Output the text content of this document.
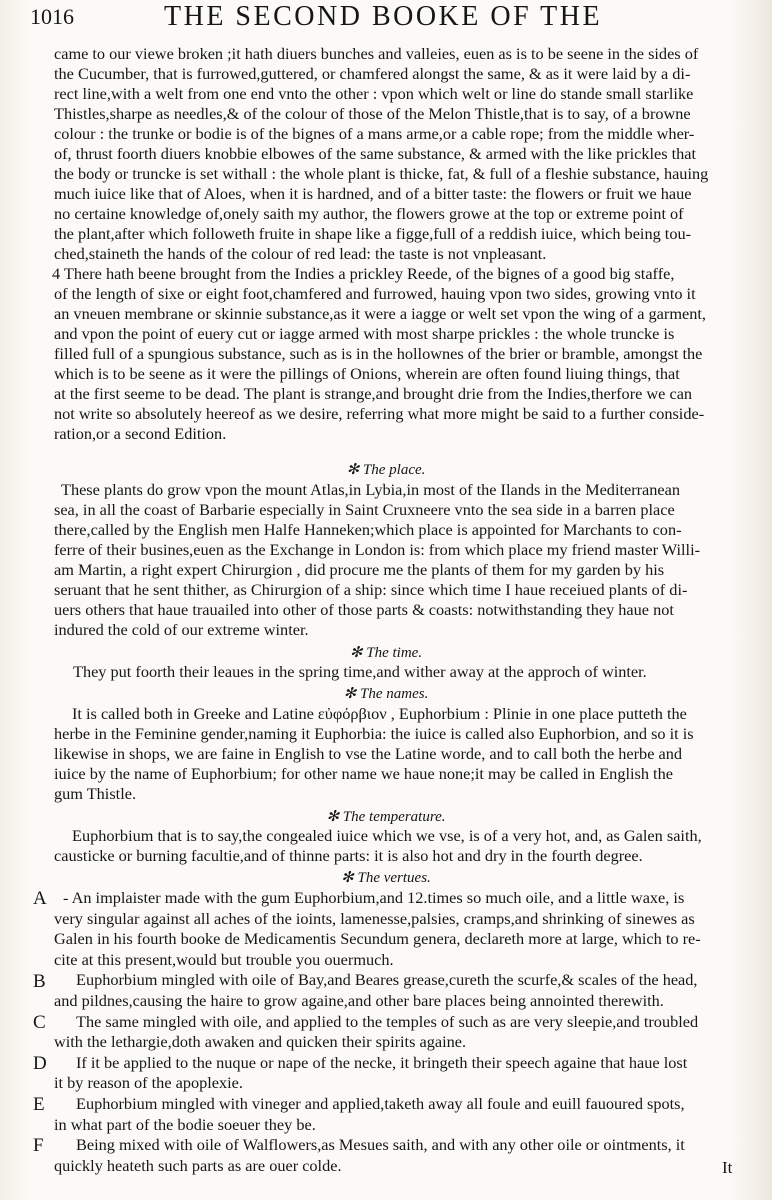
1016	THE SECOND BOOKE OF THE
came to our viewe broken ;it hath diuers bunches and valleies, euen as is to be seene in the sides of
the Cucumber, that is furrowed,guttered, or chamfered alongst the same, & as it were laid by a di-
rect line,with a welt from one end vnto the other : vpon which welt or line do stande small starlike
Thistles,sharpe as needles,& of the colour of those of the Melon Thistle,that is to say, of a browne
colour : the trunke or bodie is of the bignes of a mans arme,or a cable rope; from the middle wher-
of, thrust foorth diuers knobbie elbowes of the same substance, & armed with the like prickles that
the body or truncke is set withall : the whole plant is thicke, fat, & full of a fleshie substance, hauing
much iuice like that of Aloes, when it is hardned, and of a bitter taste: the flowers or fruit we haue
no certaine knowledge of,onely saith my author, the flowers growe at the top or extreme point of
the plant,after which followeth fruite in shape like a figge,full of a reddish iuice, which being tou-
ched,staineth the hands of the colour of red lead: the taste is not vnpleasant.
4 There hath beene brought from the Indies a prickley Reede, of the bignes of a good big staffe,
of the length of sixe or eight foot,chamfered and furrowed, hauing vpon two sides, growing vnto it
an vneuen membrane or skinnie substance,as it were a iagge or welt set vpon the wing of a garment,
and vpon the point of euery cut or iagge armed with most sharpe prickles : the whole truncke is
filled full of a spungious substance, such as is in the hollownes of the brier or bramble, amongst the
which is to be seene as it were the pillings of Onions, wherein are often found liuing things, that
at the first seeme to be dead. The plant is strange,and brought drie from the Indies,therfore we can
not write so absolutely heereof as we desire, referring what more might be said to a further conside-
ration,or a second Edition.
✻ The place.
These plants do grow vpon the mount Atlas,in Lybia,in most of the Ilands in the Mediterranean
sea, in all the coast of Barbarie especially in Saint Cruxneere vnto the sea side in a barren place
there,called by the English men Halfe Hanneken;which place is appointed for Marchants to con-
ferre of their busines,euen as the Exchange in London is: from which place my friend master Willi-
am Martin, a right expert Chirurgion , did procure me the plants of them for my garden by his
seruant that he sent thither, as Chirurgion of a ship: since which time I haue receiued plants of di-
uers others that haue trauailed into other of those parts & coasts: notwithstanding they haue not
indured the cold of our extreme winter.
✻ The time.
They put foorth their leaues in the spring time,and wither away at the approch of winter.
✻ The names.
It is called both in Greeke and Latine εὐφόρβιον , Euphorbium : Plinie in one place putteth the
herbe in the Feminine gender,naming it Euphorbia: the iuice is called also Euphorbion, and so it is
likewise in shops, we are faine in English to vse the Latine worde, and to call both the herbe and
iuice by the name of Euphorbium; for other name we haue none;it may be called in English the
gum Thistle.
✻ The temperature.
Euphorbium that is to say,the congealed iuice which we vse, is of a very hot, and, as Galen saith,
causticke or burning facultie,and of thinne parts: it is also hot and dry in the fourth degree.
✻ The vertues.
- An implaister made with the gum Euphorbium,and 12.times so much oile, and a little waxe, is
very singular against all aches of the ioints, lamenesse,palsies, cramps,and shrinking of sinewes as
Galen in his fourth booke de Medicamentis Secundum genera, declareth more at large, which to re-
cite at this present,would but trouble you ouermuch.
Euphorbium mingled with oile of Bay,and Beares grease,cureth the scurfe,& scales of the head,
and pildnes,causing the haire to grow againe,and other bare places being annointed therewith.
The same mingled with oile, and applied to the temples of such as are very sleepie,and troubled
with the lethargie,doth awaken and quicken their spirits againe.
If it be applied to the nuque or nape of the necke, it bringeth their speech againe that haue lost
it by reason of the apoplexie.
Euphorbium mingled with vineger and applied,taketh away all foule and euill fauoured spots,
in what part of the bodie soeuer they be.
Being mixed with oile of Walflowers,as Mesues saith, and with any other oile or ointments, it
quickly heateth such parts as are ouer colde.
A
B
C
D
E
F
It
